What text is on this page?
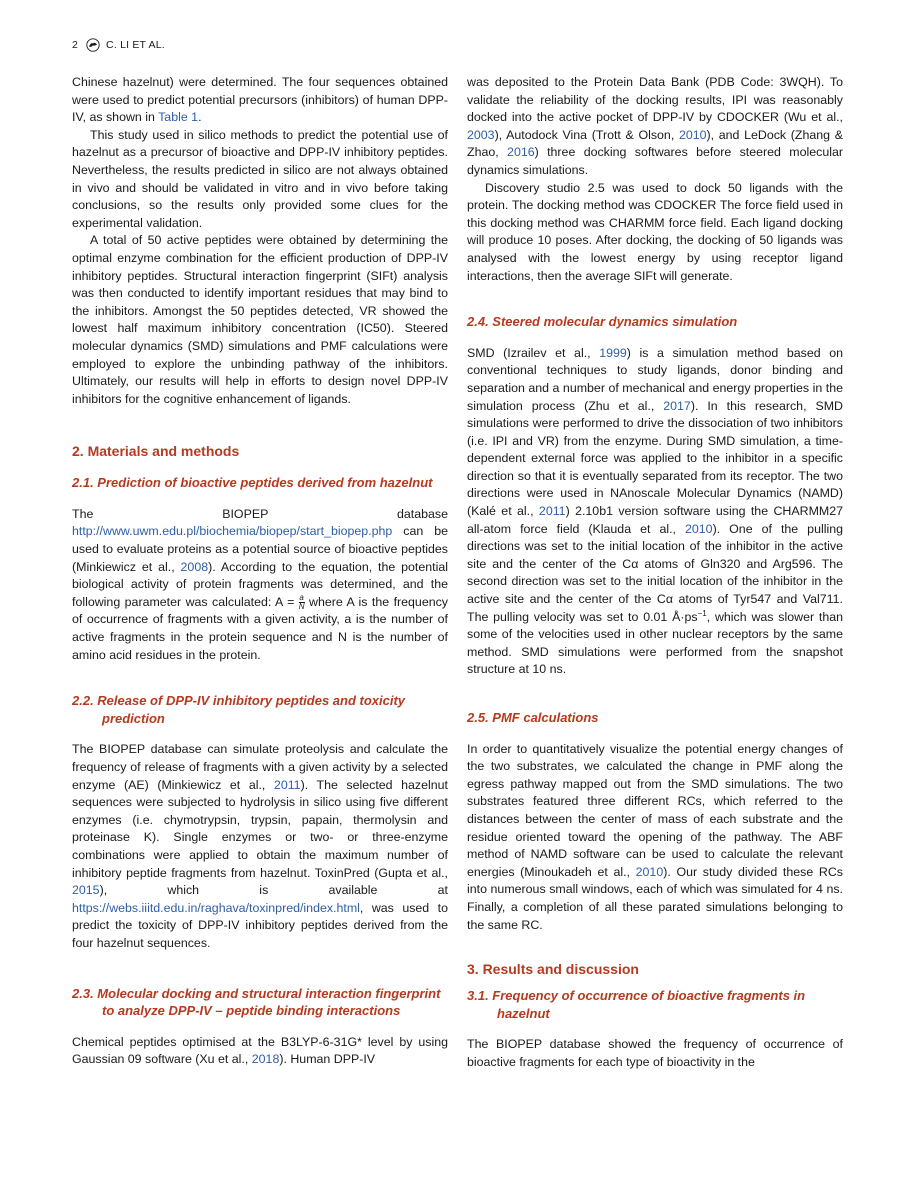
2	C. LI ET AL.

Chinese hazelnut) were determined. The four sequences obtained were used to predict potential precursors (inhibitors) of human DPP-IV, as shown in Table 1.

This study used in silico methods to predict the potential use of hazelnut as a precursor of bioactive and DPP-IV inhibitory peptides. Nevertheless, the results predicted in silico are not always obtained in vivo and should be validated in vitro and in vivo before taking conclusions, so the results only provided some clues for the experimental validation.

A total of 50 active peptides were obtained by determining the optimal enzyme combination for the efficient production of DPP-IV inhibitory peptides. Structural interaction fingerprint (SIFt) analysis was then conducted to identify important residues that may bind to the inhibitors. Amongst the 50 peptides detected, VR showed the lowest half maximum inhibitory concentration (IC50). Steered molecular dynamics (SMD) simulations and PMF calculations were employed to explore the unbinding pathway of the inhibitors. Ultimately, our results will help in efforts to design novel DPP-IV inhibitors for the cognitive enhancement of ligands.

2. Materials and methods
2.1. Prediction of bioactive peptides derived from hazelnut

The BIOPEP database http://www.uwm.edu.pl/biochemia/biopep/start_biopep.php can be used to evaluate proteins as a potential source of bioactive peptides (Minkiewicz et al., 2008). According to the equation, the potential biological activity of protein fragments was determined, and the following parameter was calculated: $A = \frac{a}{N}$ where A is the frequency of occurrence of fragments with a given activity, a is the number of active fragments in the protein sequence and N is the number of amino acid residues in the protein.

2.2. Release of DPP-IV inhibitory peptides and toxicity prediction

The BIOPEP database can simulate proteolysis and calculate the frequency of release of fragments with a given activity by a selected enzyme (AE) (Minkiewicz et al., 2011). The selected hazelnut sequences were subjected to hydrolysis in silico using five different enzymes (i.e. chymotrypsin, trypsin, papain, thermolysin and proteinase K). Single enzymes or two- or three-enzyme combinations were applied to obtain the maximum number of inhibitory peptide fragments from hazelnut. ToxinPred (Gupta et al., 2015), which is available at https://webs.iiitd.edu.in/raghava/toxinpred/index.html, was used to predict the toxicity of DPP-IV inhibitory peptides derived from the four hazelnut sequences.

2.3. Molecular docking and structural interaction fingerprint to analyze DPP-IV – peptide binding interactions

Chemical peptides optimised at the B3LYP-6-31G* level by using Gaussian 09 software (Xu et al., 2018). Human DPP-IV

was deposited to the Protein Data Bank (PDB Code: 3WQH). To validate the reliability of the docking results, IPI was reasonably docked into the active pocket of DPP-IV by CDOCKER (Wu et al., 2003), Autodock Vina (Trott & Olson, 2010), and LeDock (Zhang & Zhao, 2016) three docking softwares before steered molecular dynamics simulations.

Discovery studio 2.5 was used to dock 50 ligands with the protein. The docking method was CDOCKER The force field used in this docking method was CHARMM force field. Each ligand docking will produce 10 poses. After docking, the docking of 50 ligands was analysed with the lowest energy by using receptor ligand interactions, then the average SIFt will generate.

2.4. Steered molecular dynamics simulation

SMD (Izrailev et al., 1999) is a simulation method based on conventional techniques to study ligands, donor binding and separation and a number of mechanical and energy properties in the simulation process (Zhu et al., 2017). In this research, SMD simulations were performed to drive the dissociation of two inhibitors (i.e. IPI and VR) from the enzyme. During SMD simulation, a time-dependent external force was applied to the inhibitor in a specific direction so that it is eventually separated from its receptor. The two directions were used in NAnoscale Molecular Dynamics (NAMD) (Kalé et al., 2011) 2.10b1 version software using the CHARMM27 all-atom force field (Klauda et al., 2010). One of the pulling directions was set to the initial location of the inhibitor in the active site and the center of the Cα atoms of Gln320 and Arg596. The second direction was set to the initial location of the inhibitor in the active site and the center of the Cα atoms of Tyr547 and Val711. The pulling velocity was set to 0.01 $Å\cdot ps^{-1}$, which was slower than some of the velocities used in other nuclear receptors by the same method. SMD simulations were performed from the snapshot structure at 10 ns.

2.5. PMF calculations

In order to quantitatively visualize the potential energy changes of the two substrates, we calculated the change in PMF along the egress pathway mapped out from the SMD simulations. The two substrates featured three different RCs, which referred to the distances between the center of mass of each substrate and the residue oriented toward the opening of the pathway. The ABF method of NAMD software can be used to calculate the relevant energies (Minoukadeh et al., 2010). Our study divided these RCs into numerous small windows, each of which was simulated for 4 ns. Finally, a completion of all these parated simulations belonging to the same RC.

3. Results and discussion
3.1. Frequency of occurrence of bioactive fragments in hazelnut

The BIOPEP database showed the frequency of occurrence of bioactive fragments for each type of bioactivity in the
